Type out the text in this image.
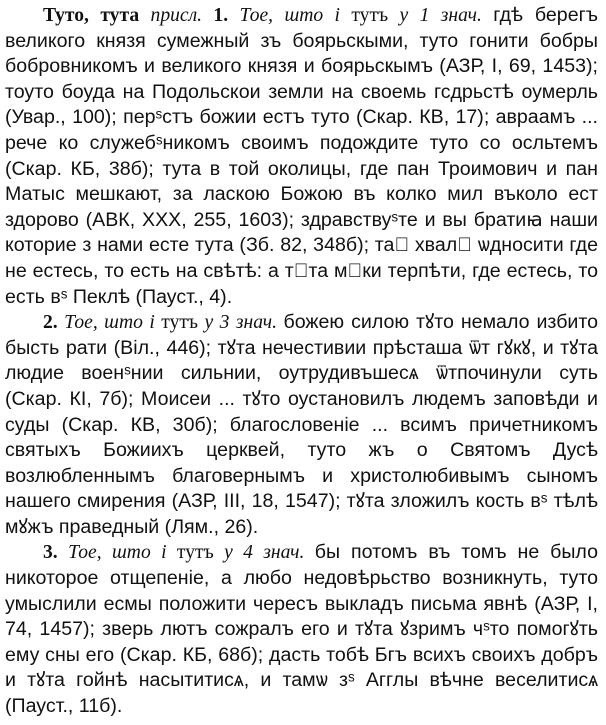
Туто, тута присл. 1. Тое, што і тутъ у 1 знач. гдѣ берегъ великого князя сумежный зъ боярьскыми, туто гонити бобры бобровникомъ и великого князя и боярьскымъ (АЗР, I, 69, 1453); тоуто боуда на Подольскои земли на своемь гсдрьстѣ оумерль (Увар., 100); перˢстъ божии естъ туто (Скар. КВ, 17); авраамъ ... рече ко служебˢникомъ своимъ подождите туто со осльтемъ (Скар. КБ, 38б); тута в той околицы, где пан Троимович и пан Матыс мешкают, за ласкою Божою въ колко мил въколо ест здорово (АВК, XXX, 255, 1603); здравствуˢте и вы братиꙗ наши которие з нами есте тута (Зб. 82, 348б); таⷨ хвалꙋ ѡдносити где не естесь, то есть на свѣтѣ: а тꙋта мꙋки терпѣти, где естесь, то есть вˢ Пеклѣ (Пауст., 4).

2. Тое, што і тутъ у 3 знач. божею силою тꙋто немало избито бысть рати (Віл., 446); тꙋта нечестивии прѣсташа ѿт гꙋкꙋ, и тꙋта людие военˢнии сильнии, оутрудивъшесѧ ѿтпочинули суть (Скар. КІ, 7б); Моисеи ... тꙋто оустановилъ людемъ заповѣди и суды (Скар. КВ, 30б); благословеніе ... всимъ причетникомъ святыхъ Божиихъ церквей, туто жъ о Святомъ Дусѣ возлюбленнымъ благовернымъ и христолюбивымъ сыномъ нашего смирения (АЗР, III, 18, 1547); тꙋта зложилъ кость вˢ тѣлѣ мꙋжъ праведный (Лям., 26).

3. Тое, што і тутъ у 4 знач. бы потомъ въ томъ не было никоторое отщепеніе, а любо недовѣрьство возникнуть, туто умыслили есмы положити чересъ выкладъ письма явнѣ (АЗР, I, 74, 1457); зверь лютъ сожралъ его и тꙋта ꙋзримъ чˢто помогꙋть ему сны его (Скар. КБ, 68б); дасть тобѣ Бгъ всихъ своихъ добръ и тꙋта гойнѣ насытитисѧ, и тамѡ зˢ Агглы вѣчне веселитисѧ (Пауст., 11б).
